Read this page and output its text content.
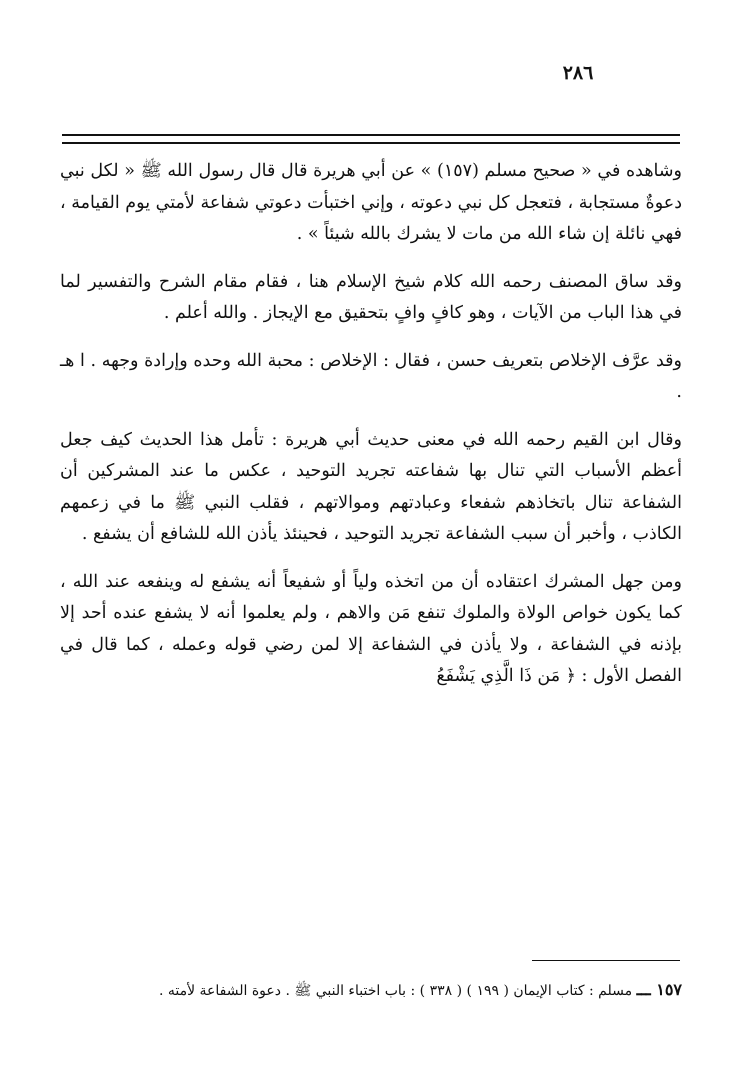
٢٨٦

وشاهده في « صحيح مسلم (١٥٧) » عن أبي هريرة قال قال رسول الله ﷺ « لكل نبي دعوةٌ مستجابة ، فتعجل كل نبي دعوته ، وإني اختبأت دعوتي شفاعة لأمتي يوم القيامة ، فهي نائلة إن شاء الله من مات لا يشرك بالله شيئاً » .

وقد ساق المصنف رحمه الله كلام شيخ الإسلام هنا ، فقام مقام الشرح والتفسير لما في هذا الباب من الآيات ، وهو كافٍ وافٍ بتحقيق مع الإيجاز . والله أعلم .

وقد عرَّف الإخلاص بتعريف حسن ، فقال : الإخلاص : محبة الله وحده وإرادة وجهه . ا هـ .

وقال ابن القيم رحمه الله في معنى حديث أبي هريرة : تأمل هذا الحديث كيف جعل أعظم الأسباب التي تنال بها شفاعته تجريد التوحيد ، عكس ما عند المشركين أن الشفاعة تنال باتخاذهم شفعاء وعبادتهم وموالاتهم ، فقلب النبي ﷺ ما في زعمهم الكاذب ، وأخبر أن سبب الشفاعة تجريد التوحيد ، فحينئذ يأذن الله للشافع أن يشفع .

ومن جهل المشرك اعتقاده أن من اتخذه ولياً أو شفيعاً أنه يشفع له وينفعه عند الله ، كما يكون خواص الولاة والملوك تنفع مَن والاهم ، ولم يعلموا أنه لا يشفع عنده أحد إلا بإذنه في الشفاعة ، ولا يأذن في الشفاعة إلا لمن رضي قوله وعمله ، كما قال في الفصل الأول : ﴿ مَن ذَا الَّذِي يَشْفَعُ

١٥٧ ـــ مسلم : كتاب الإيمان ( ١٩٩ ) ( ٣٣٨ ) : باب اختباء النبي ﷺ . دعوة الشفاعة لأمته .
